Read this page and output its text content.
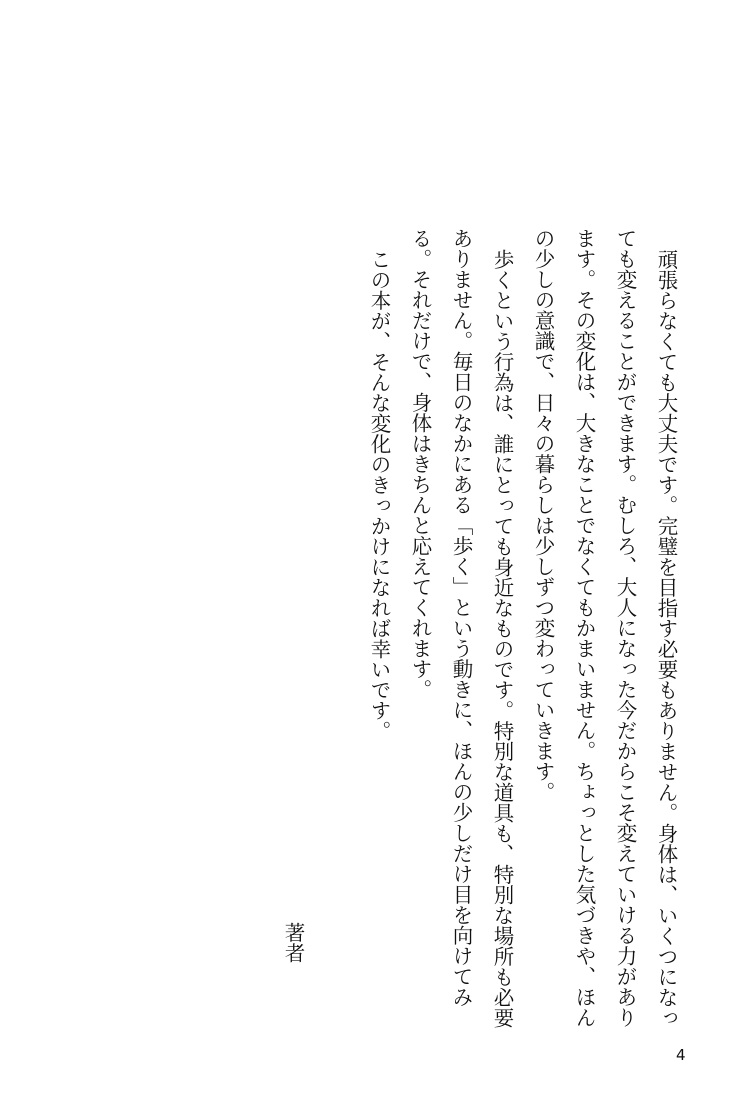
頑張らなくても大丈夫です。完璧を目指す必要もありません。身体は、いくつになっても変えることができます。むしろ、大人になった今だからこそ変えていける力があります。その変化は、大きなことでなくてもかまいません。ちょっとした気づきや、ほんの少しの意識で、日々の暮らしは少しずつ変わっていきます。

歩くという行為は、誰にとっても身近なものです。特別な道具も、特別な場所も必要ありません。毎日のなかにある「歩く」という動きに、ほんの少しだけ目を向けてみる。それだけで、身体はきちんと応えてくれます。

この本が、そんな変化のきっかけになれば幸いです。

著者

4
